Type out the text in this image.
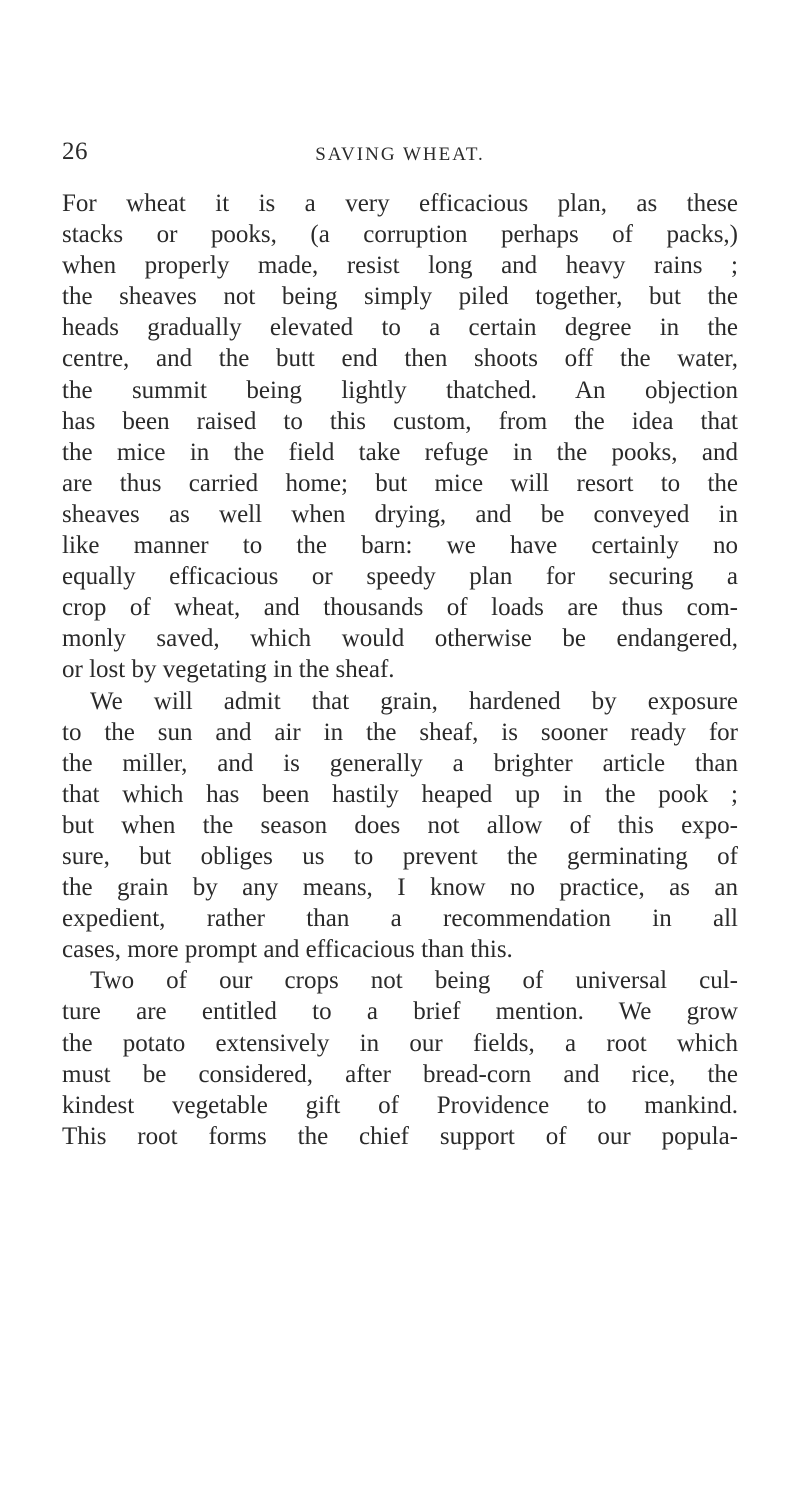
26	SAVING WHEAT.
For wheat it is a very efficacious plan, as these
stacks or pooks, (a corruption perhaps of packs,)
when properly made, resist long and heavy rains ;
the sheaves not being simply piled together, but the
heads gradually elevated to a certain degree in the
centre, and the butt end then shoots off the water,
the summit being lightly thatched. An objection
has been raised to this custom, from the idea that
the mice in the field take refuge in the pooks, and
are thus carried home; but mice will resort to the
sheaves as well when drying, and be conveyed in
like manner to the barn: we have certainly no
equally efficacious or speedy plan for securing a
crop of wheat, and thousands of loads are thus com-
monly saved, which would otherwise be endangered,
or lost by vegetating in the sheaf.
We will admit that grain, hardened by exposure
to the sun and air in the sheaf, is sooner ready for
the miller, and is generally a brighter article than
that which has been hastily heaped up in the pook ;
but when the season does not allow of this expo-
sure, but obliges us to prevent the germinating of
the grain by any means, I know no practice, as an
expedient, rather than a recommendation in all
cases, more prompt and efficacious than this.
Two of our crops not being of universal cul-
ture are entitled to a brief mention. We grow
the potato extensively in our fields, a root which
must be considered, after bread-corn and rice, the
kindest vegetable gift of Providence to mankind.
This root forms the chief support of our popula-
